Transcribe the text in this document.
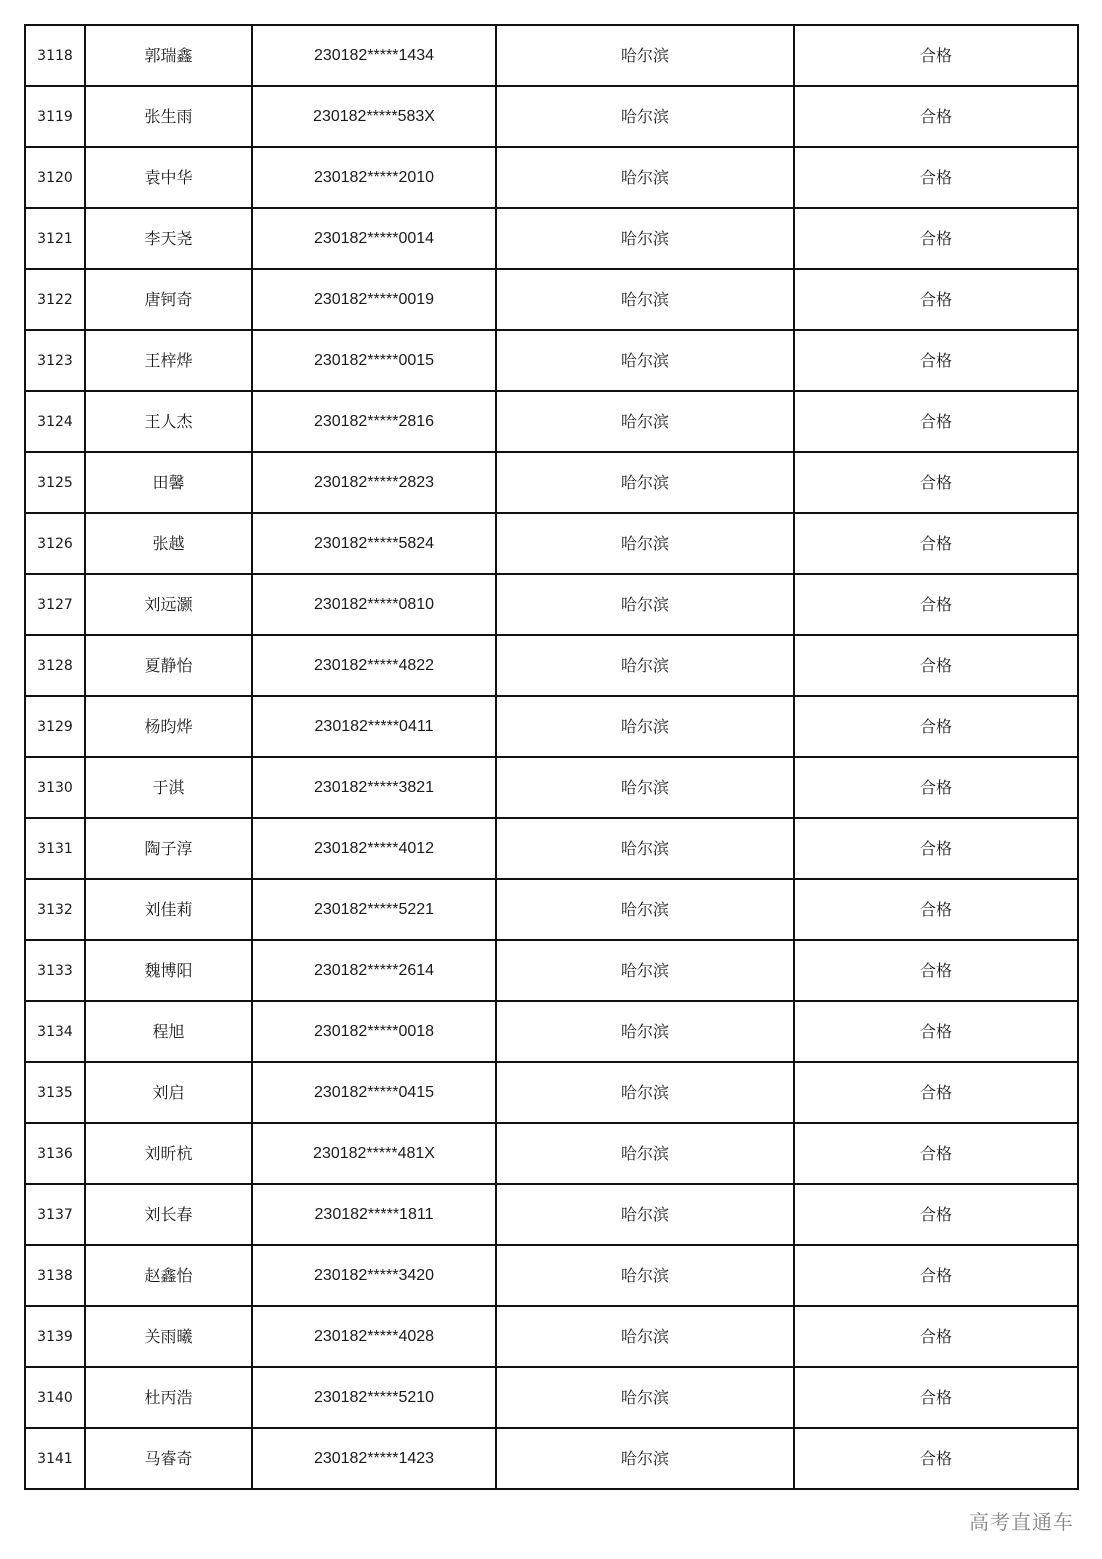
3118	郭瑞鑫	230182*****1434	哈尔滨	合格
3119	张生雨	230182*****583X	哈尔滨	合格
3120	袁中华	230182*****2010	哈尔滨	合格
3121	李天尧	230182*****0014	哈尔滨	合格
3122	唐钶奇	230182*****0019	哈尔滨	合格
3123	王梓烨	230182*****0015	哈尔滨	合格
3124	王人杰	230182*****2816	哈尔滨	合格
3125	田馨	230182*****2823	哈尔滨	合格
3126	张越	230182*****5824	哈尔滨	合格
3127	刘远灏	230182*****0810	哈尔滨	合格
3128	夏静怡	230182*****4822	哈尔滨	合格
3129	杨昀烨	230182*****0411	哈尔滨	合格
3130	于淇	230182*****3821	哈尔滨	合格
3131	陶子淳	230182*****4012	哈尔滨	合格
3132	刘佳莉	230182*****5221	哈尔滨	合格
3133	魏博阳	230182*****2614	哈尔滨	合格
3134	程旭	230182*****0018	哈尔滨	合格
3135	刘启	230182*****0415	哈尔滨	合格
3136	刘昕杭	230182*****481X	哈尔滨	合格
3137	刘长春	230182*****1811	哈尔滨	合格
3138	赵鑫怡	230182*****3420	哈尔滨	合格
3139	关雨曦	230182*****4028	哈尔滨	合格
3140	杜丙浩	230182*****5210	哈尔滨	合格
3141	马睿奇	230182*****1423	哈尔滨	合格
高考直通车
